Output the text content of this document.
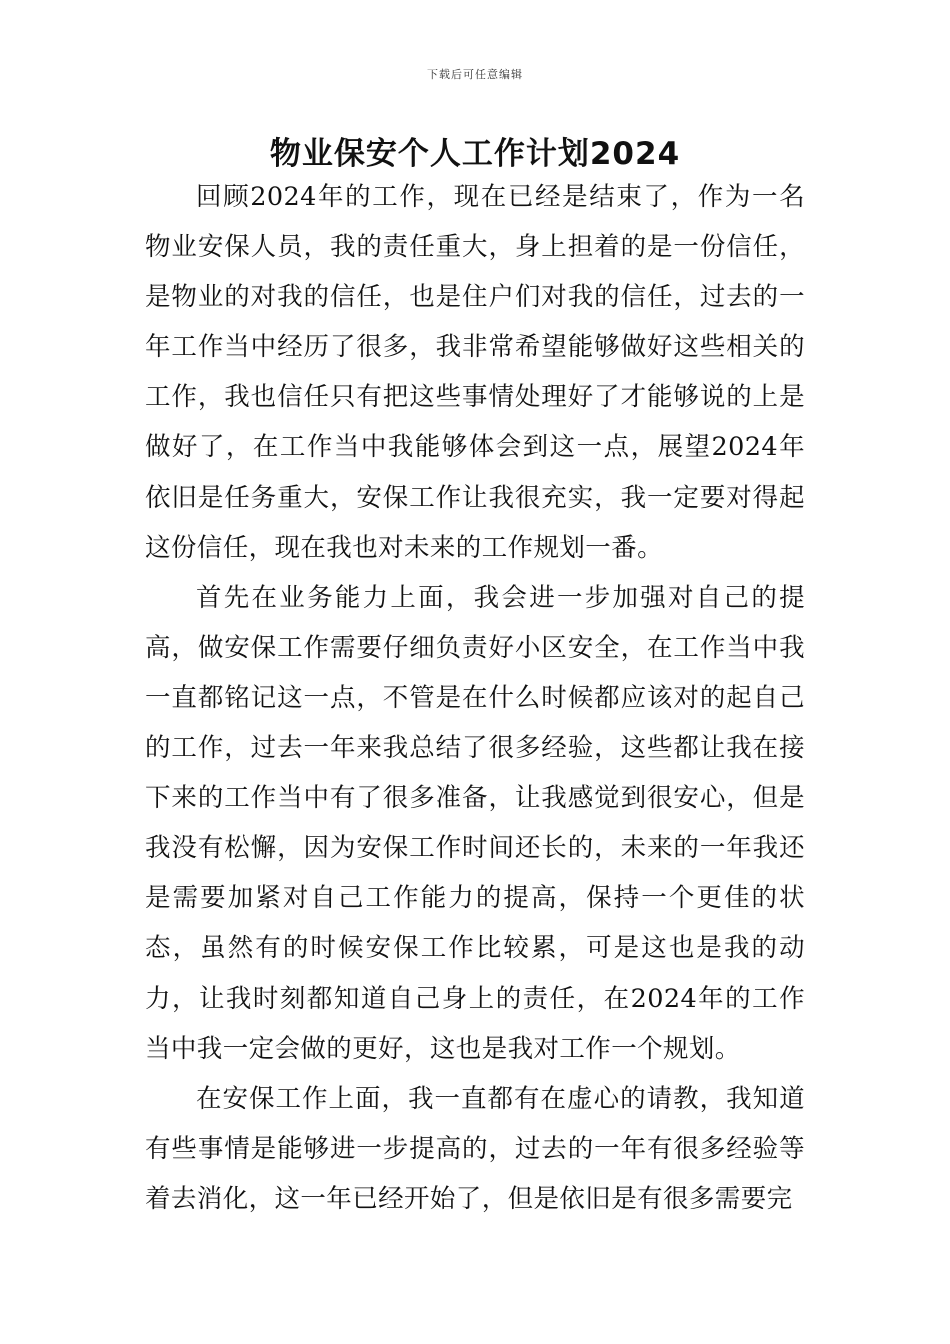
下载后可任意编辑
物业保安个人工作计划2024

回顾2024年的工作，现在已经是结束了，作为一名物业安保人员，我的责任重大，身上担着的是一份信任，是物业的对我的信任，也是住户们对我的信任，过去的一年工作当中经历了很多，我非常希望能够做好这些相关的工作，我也信任只有把这些事情处理好了才能够说的上是做好了，在工作当中我能够体会到这一点，展望2024年依旧是任务重大，安保工作让我很充实，我一定要对得起这份信任，现在我也对未来的工作规划一番。

首先在业务能力上面，我会进一步加强对自己的提高，做安保工作需要仔细负责好小区安全，在工作当中我一直都铭记这一点，不管是在什么时候都应该对的起自己的工作，过去一年来我总结了很多经验，这些都让我在接下来的工作当中有了很多准备，让我感觉到很安心，但是我没有松懈，因为安保工作时间还长的，未来的一年我还是需要加紧对自己工作能力的提高，保持一个更佳的状态，虽然有的时候安保工作比较累，可是这也是我的动力，让我时刻都知道自己身上的责任，在2024年的工作当中我一定会做的更好，这也是我对工作一个规划。

在安保工作上面，我一直都有在虚心的请教，我知道有些事情是能够进一步提高的，过去的一年有很多经验等着去消化，这一年已经开始了，但是依旧是有很多需要完
